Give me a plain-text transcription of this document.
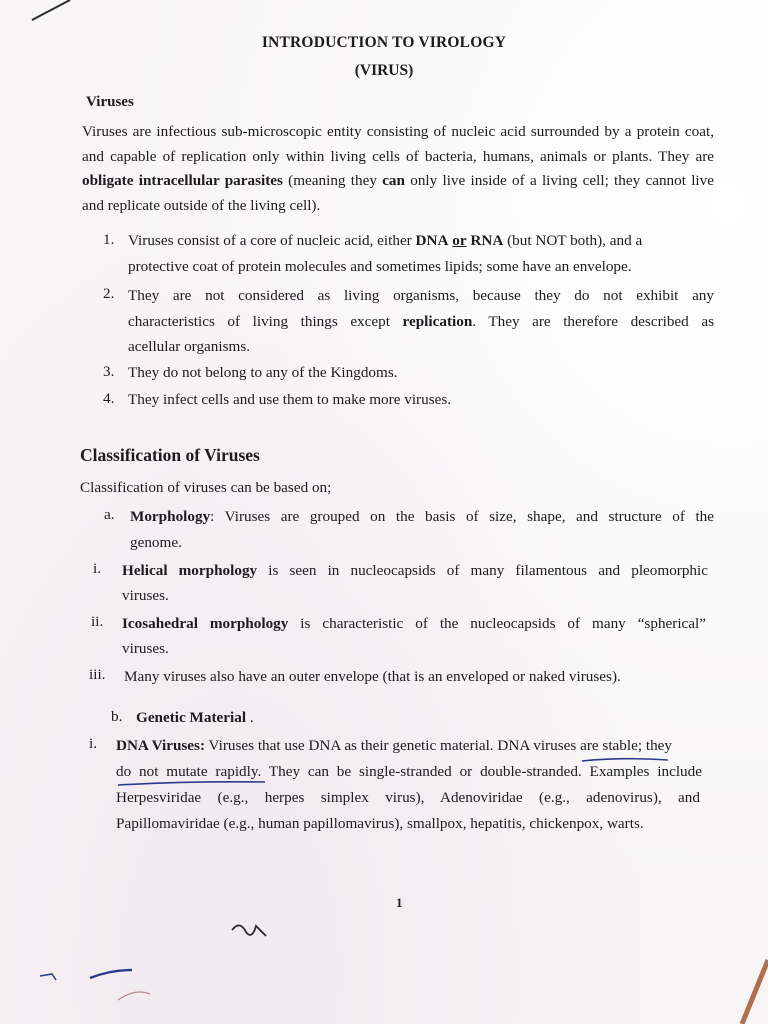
INTRODUCTION TO VIROLOGY
(VIRUS)
Viruses
Viruses are infectious sub-microscopic entity consisting of nucleic acid surrounded by a protein coat, and capable of replication only within living cells of bacteria, humans, animals or plants. They are obligate intracellular parasites (meaning they can only live inside of a living cell; they cannot live and replicate outside of the living cell).
1. Viruses consist of a core of nucleic acid, either DNA or RNA (but NOT both), and a
protective coat of protein molecules and sometimes lipids; some have an envelope.
2. They are not considered as living organisms, because they do not exhibit any
characteristics of living things except replication. They are therefore described as
acellular organisms.
3. They do not belong to any of the Kingdoms.
4. They infect cells and use them to make more viruses.
Classification of Viruses
Classification of viruses can be based on;
a. Morphology: Viruses are grouped on the basis of size, shape, and structure of the
genome.
i. Helical morphology is seen in nucleocapsids of many filamentous and pleomorphic
viruses.
ii. Icosahedral morphology is characteristic of the nucleocapsids of many “spherical”
viruses.
iii. Many viruses also have an outer envelope (that is an enveloped or naked viruses).
b. Genetic Material .
i. DNA Viruses: Viruses that use DNA as their genetic material. DNA viruses are stable; they
do not mutate rapidly. They can be single-stranded or double-stranded. Examples include
Herpesviridae (e.g., herpes simplex virus), Adenoviridae (e.g., adenovirus), and
Papillomaviridae (e.g., human papillomavirus), smallpox, hepatitis, chickenpox, warts.
1
